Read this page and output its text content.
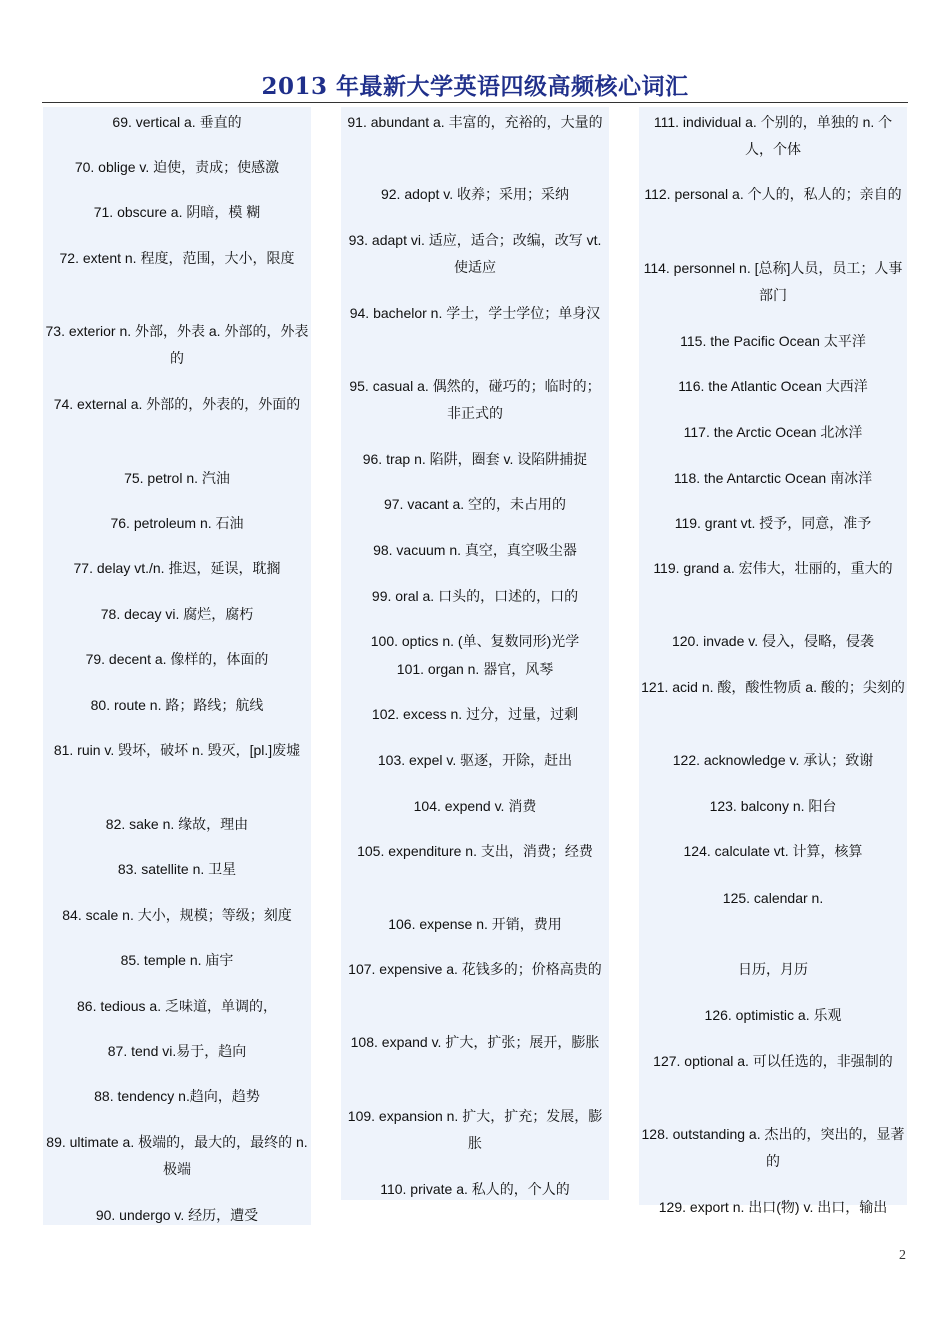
2013 年最新大学英语四级高频核心词汇
69. vertical a. 垂直的
70. oblige v. 迫使，责成；使感激
71. obscure a. 阴暗，模 糊
72. extent n. 程度，范围，大小，限度
73. exterior n. 外部，外表 a. 外部的，外表的
74. external a. 外部的，外表的，外面的
75. petrol n. 汽油
76. petroleum n. 石油
77. delay vt./n. 推迟，延误，耽搁
78. decay vi. 腐烂，腐朽
79. decent a. 像样的，体面的
80. route n. 路；路线；航线
81. ruin v. 毁坏，破坏 n. 毁灭，[pl.]废墟
82. sake n. 缘故，理由
83. satellite n. 卫星
84. scale n. 大小，规模；等级；刻度
85. temple n. 庙宇
86. tedious a. 乏味道，单调的，
87. tend vi.易于，趋向
88. tendency n.趋向，趋势
89. ultimate a. 极端的，最大的，最终的 n. 极端
90. undergo v. 经历，遭受
91. abundant a. 丰富的，充裕的，大量的
92. adopt v. 收养；采用；采纳
93. adapt vi. 适应，适合；改编，改写 vt. 使适应
94. bachelor n. 学士，学士学位；单身汉
95. casual a. 偶然的，碰巧的；临时的；非正式的
96. trap n. 陷阱，圈套 v. 设陷阱捕捉
97. vacant a. 空的，未占用的
98. vacuum n. 真空，真空吸尘器
99. oral a. 口头的，口述的，口的
100. optics n. (单、复数同形)光学
101. organ n. 器官，风琴
102. excess n. 过分，过量，过剩
103. expel v. 驱逐，开除，赶出
104. expend v. 消费
105. expenditure n. 支出，消费；经费
106. expense n. 开销，费用
107. expensive a. 花钱多的；价格高贵的
108. expand v. 扩大，扩张；展开，膨胀
109. expansion n. 扩大，扩充；发展，膨胀
110. private a. 私人的，个人的
111. individual a. 个别的，单独的 n. 个人，个体
112. personal a. 个人的，私人的；亲自的
114. personnel n. [总称]人员，员工；人事部门
115. the Pacific Ocean 太平洋
116. the Atlantic Ocean 大西洋
117. the Arctic Ocean 北冰洋
118. the Antarctic Ocean 南冰洋
119. grant vt. 授予，同意，准予
119. grand a. 宏伟大，壮丽的，重大的
120. invade v. 侵入，侵略，侵袭
121. acid n. 酸，酸性物质 a. 酸的；尖刻的
122. acknowledge v. 承认；致谢
123. balcony n. 阳台
124. calculate vt. 计算，核算
125. calendar n.
日历，月历
126. optimistic a. 乐观
127. optional a. 可以任选的，非强制的
128. outstanding a. 杰出的，突出的，显著的
129. export n. 出口(物) v. 出口，输出
2
